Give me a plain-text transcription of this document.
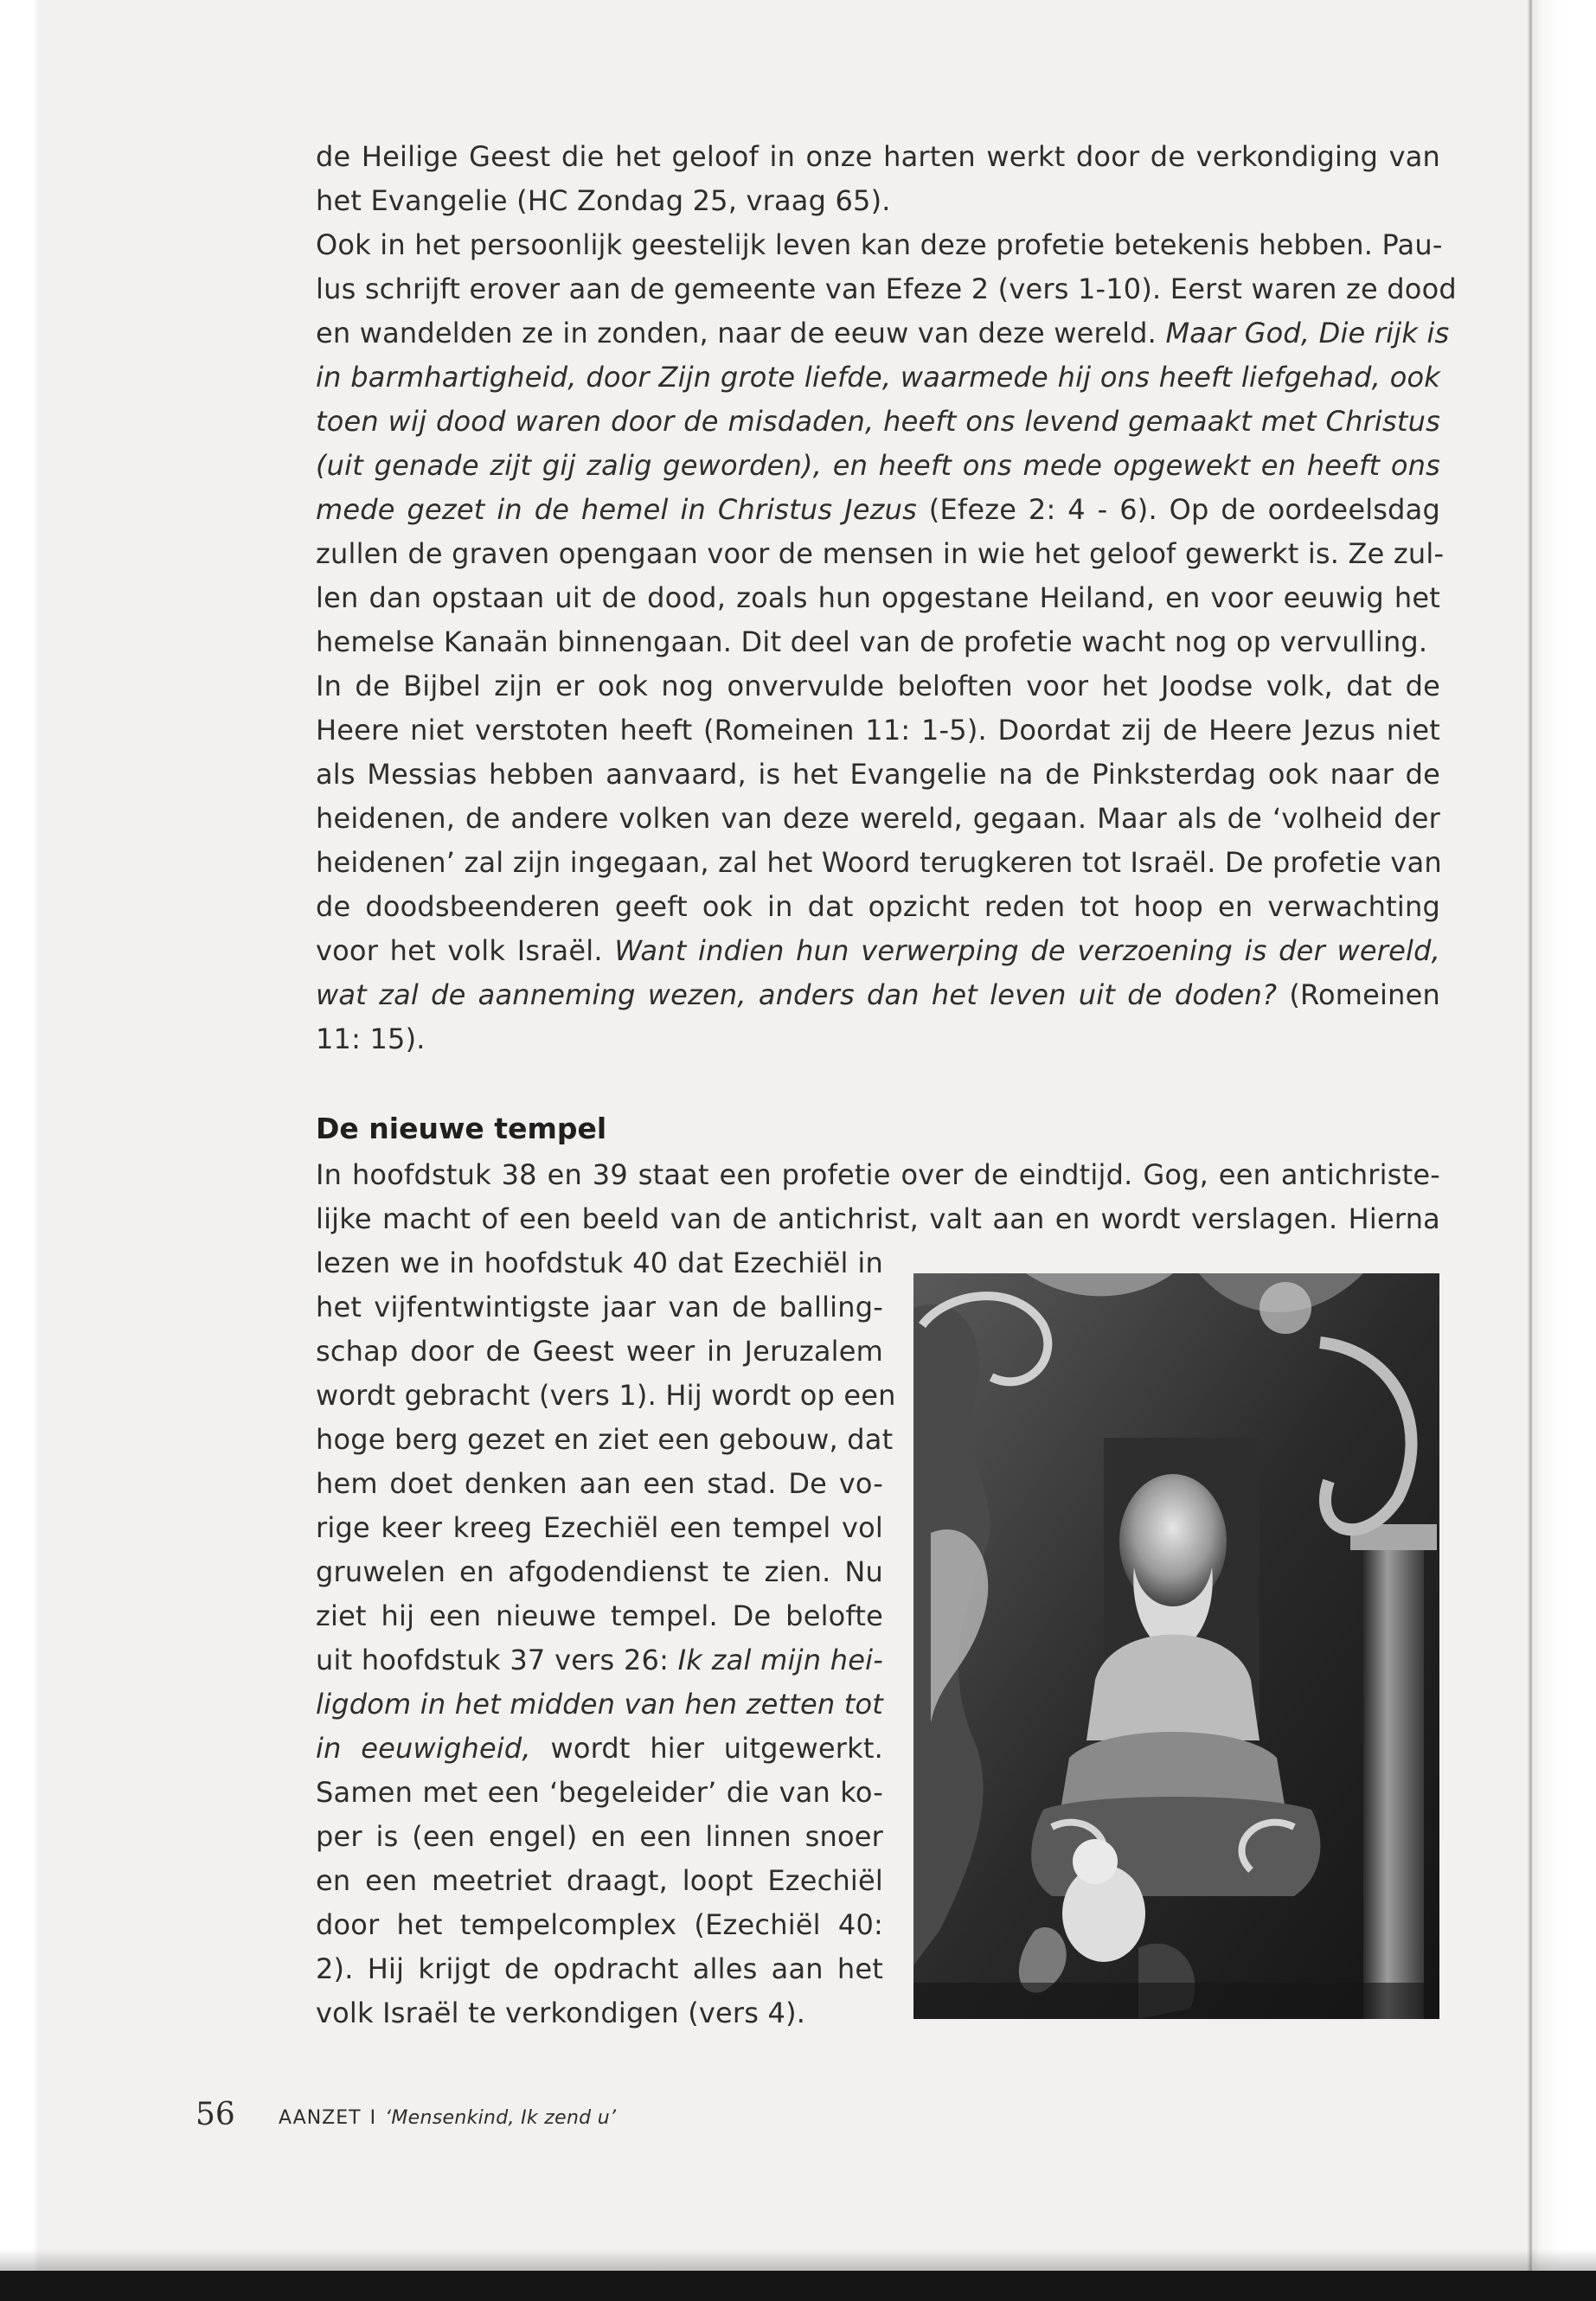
de Heilige Geest die het geloof in onze harten werkt door de verkondiging van
het Evangelie (HC Zondag 25, vraag 65).

Ook in het persoonlijk geestelijk leven kan deze profetie betekenis hebben. Pau-
lus schrijft erover aan de gemeente van Efeze 2 (vers 1-10). Eerst waren ze dood
en wandelden ze in zonden, naar de eeuw van deze wereld. Maar God, Die rijk is
in barmhartigheid, door Zijn grote liefde, waarmede hij ons heeft liefgehad, ook
toen wij dood waren door de misdaden, heeft ons levend gemaakt met Christus
(uit genade zijt gij zalig geworden), en heeft ons mede opgewekt en heeft ons
mede gezet in de hemel in Christus Jezus (Efeze 2: 4 - 6). Op de oordeelsdag
zullen de graven opengaan voor de mensen in wie het geloof gewerkt is. Ze zul-
len dan opstaan uit de dood, zoals hun opgestane Heiland, en voor eeuwig het
hemelse Kanaän binnengaan. Dit deel van de profetie wacht nog op vervulling.

In de Bijbel zijn er ook nog onvervulde beloften voor het Joodse volk, dat de
Heere niet verstoten heeft (Romeinen 11: 1-5). Doordat zij de Heere Jezus niet
als Messias hebben aanvaard, is het Evangelie na de Pinksterdag ook naar de
heidenen, de andere volken van deze wereld, gegaan. Maar als de ‘volheid der
heidenen’ zal zijn ingegaan, zal het Woord terugkeren tot Israël. De profetie van
de doodsbeenderen geeft ook in dat opzicht reden tot hoop en verwachting
voor het volk Israël. Want indien hun verwerping de verzoening is der wereld,
wat zal de aanneming wezen, anders dan het leven uit de doden? (Romeinen
11: 15).

De nieuwe tempel

In hoofdstuk 38 en 39 staat een profetie over de eindtijd. Gog, een antichriste-
lijke macht of een beeld van de antichrist, valt aan en wordt verslagen. Hierna

lezen we in hoofdstuk 40 dat Ezechiël in
het vijfentwintigste jaar van de balling-
schap door de Geest weer in Jeruzalem
wordt gebracht (vers 1). Hij wordt op een
hoge berg gezet en ziet een gebouw, dat
hem doet denken aan een stad. De vo-
rige keer kreeg Ezechiël een tempel vol
gruwelen en afgodendienst te zien. Nu
ziet hij een nieuwe tempel. De belofte
uit hoofdstuk 37 vers 26: Ik zal mijn hei-
ligdom in het midden van hen zetten tot
in eeuwigheid, wordt hier uitgewerkt.
Samen met een ‘begeleider’ die van ko-
per is (een engel) en een linnen snoer
en een meetriet draagt, loopt Ezechiël
door het tempelcomplex (Ezechiël 40:
2). Hij krijgt de opdracht alles aan het
volk Israël te verkondigen (vers 4).

56 AANZET I ‘Mensenkind, Ik zend u’
